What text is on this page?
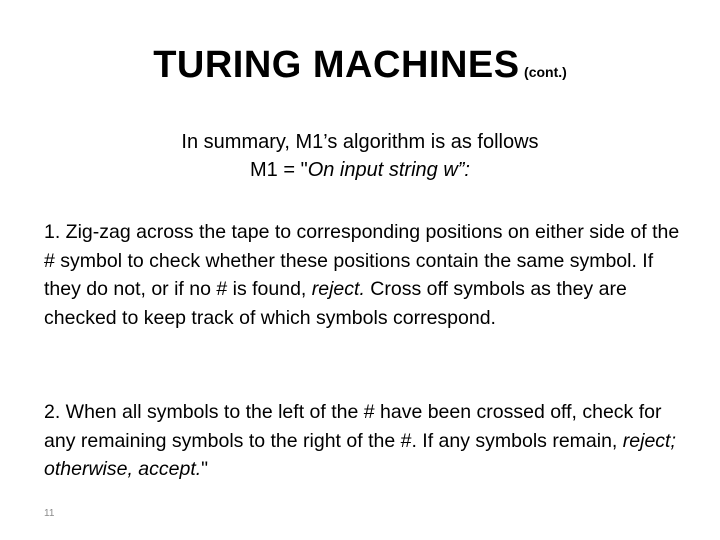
TURING MACHINES (cont.)
In summary, M1’s algorithm is as follows
M1 = "On input string w”:
1. Zig-zag across the tape to corresponding positions on either side of the # symbol to check whether these positions contain the same symbol. If they do not, or if no # is found, reject. Cross off symbols as they are checked to keep track of which symbols correspond.
2. When all symbols to the left of the # have been crossed off, check for any remaining symbols to the right of the #. If any symbols remain, reject; otherwise, accept."
11
